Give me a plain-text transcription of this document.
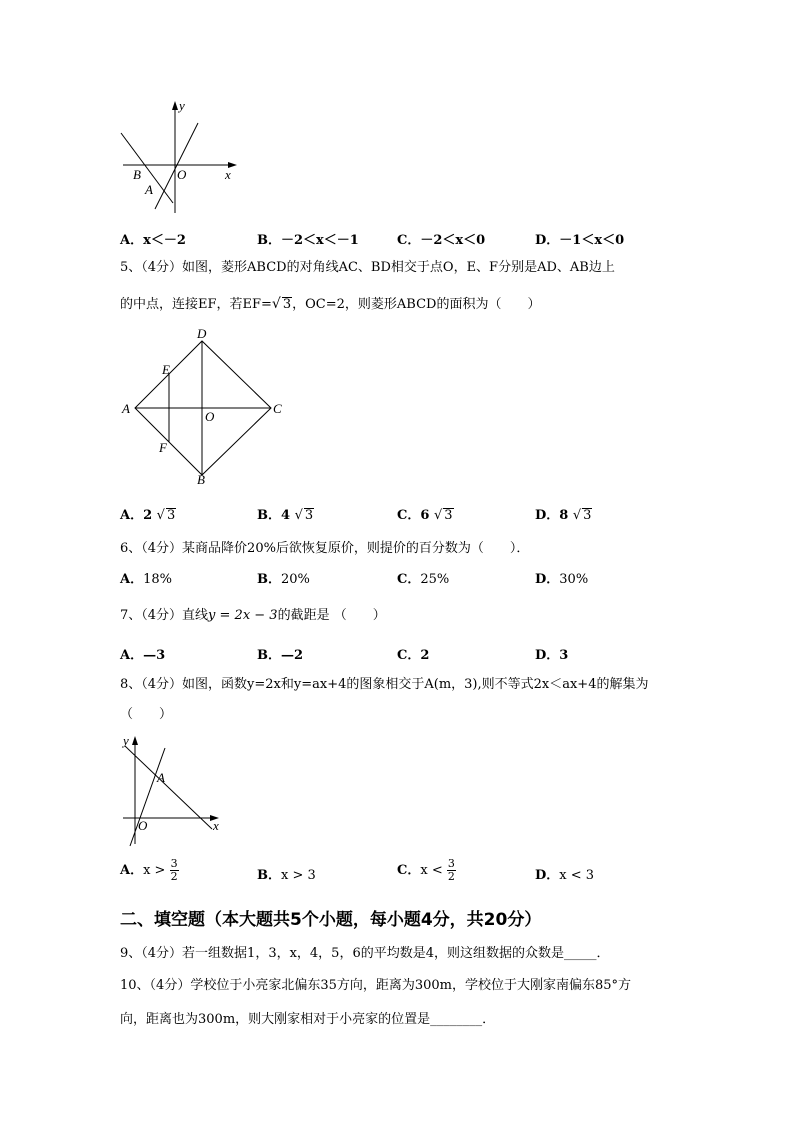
y
x
O
B
A
A．x＜－2	B．－2＜x＜－1	C．－2＜x＜0	D．－1＜x＜0
5、（4分）如图，菱形ABCD的对角线AC、BD相交于点O，E、F分别是AD、AB边上
的中点，连接EF，若EF=√ 3，OC=2，则菱形ABCD的面积为（　　）
D
E
A
O
C
F
B
A．2 √ 3	B．4 √ 3	C．6 √ 3	D．8 √ 3
6、（4分）某商品降价20%后欲恢复原价，则提价的百分数为（　　）．
A．18%	B．20%	C．25%	D．30%
7、（4分）直线y = 2x − 3的截距是 （　　）
A．—3	B．—2	C．2	D．3
8、（4分）如图，函数y=2x和y=ax+4的图象相交于A(m，3),则不等式2x＜ax+4的解集为
（　　）
y
x
O
A
A．$x > \frac{3}{2}$	B．x > 3	C．$x < \frac{3}{2}$	D．x < 3
二、填空题（本大题共5个小题，每小题4分，共20分）
9、（4分）若一组数据1，3，x，4，5，6的平均数是4，则这组数据的众数是_____．
10、（4分）学校位于小亮家北偏东35方向，距离为300m，学校位于大刚家南偏东85°方
向，距离也为300m，则大刚家相对于小亮家的位置是________．
